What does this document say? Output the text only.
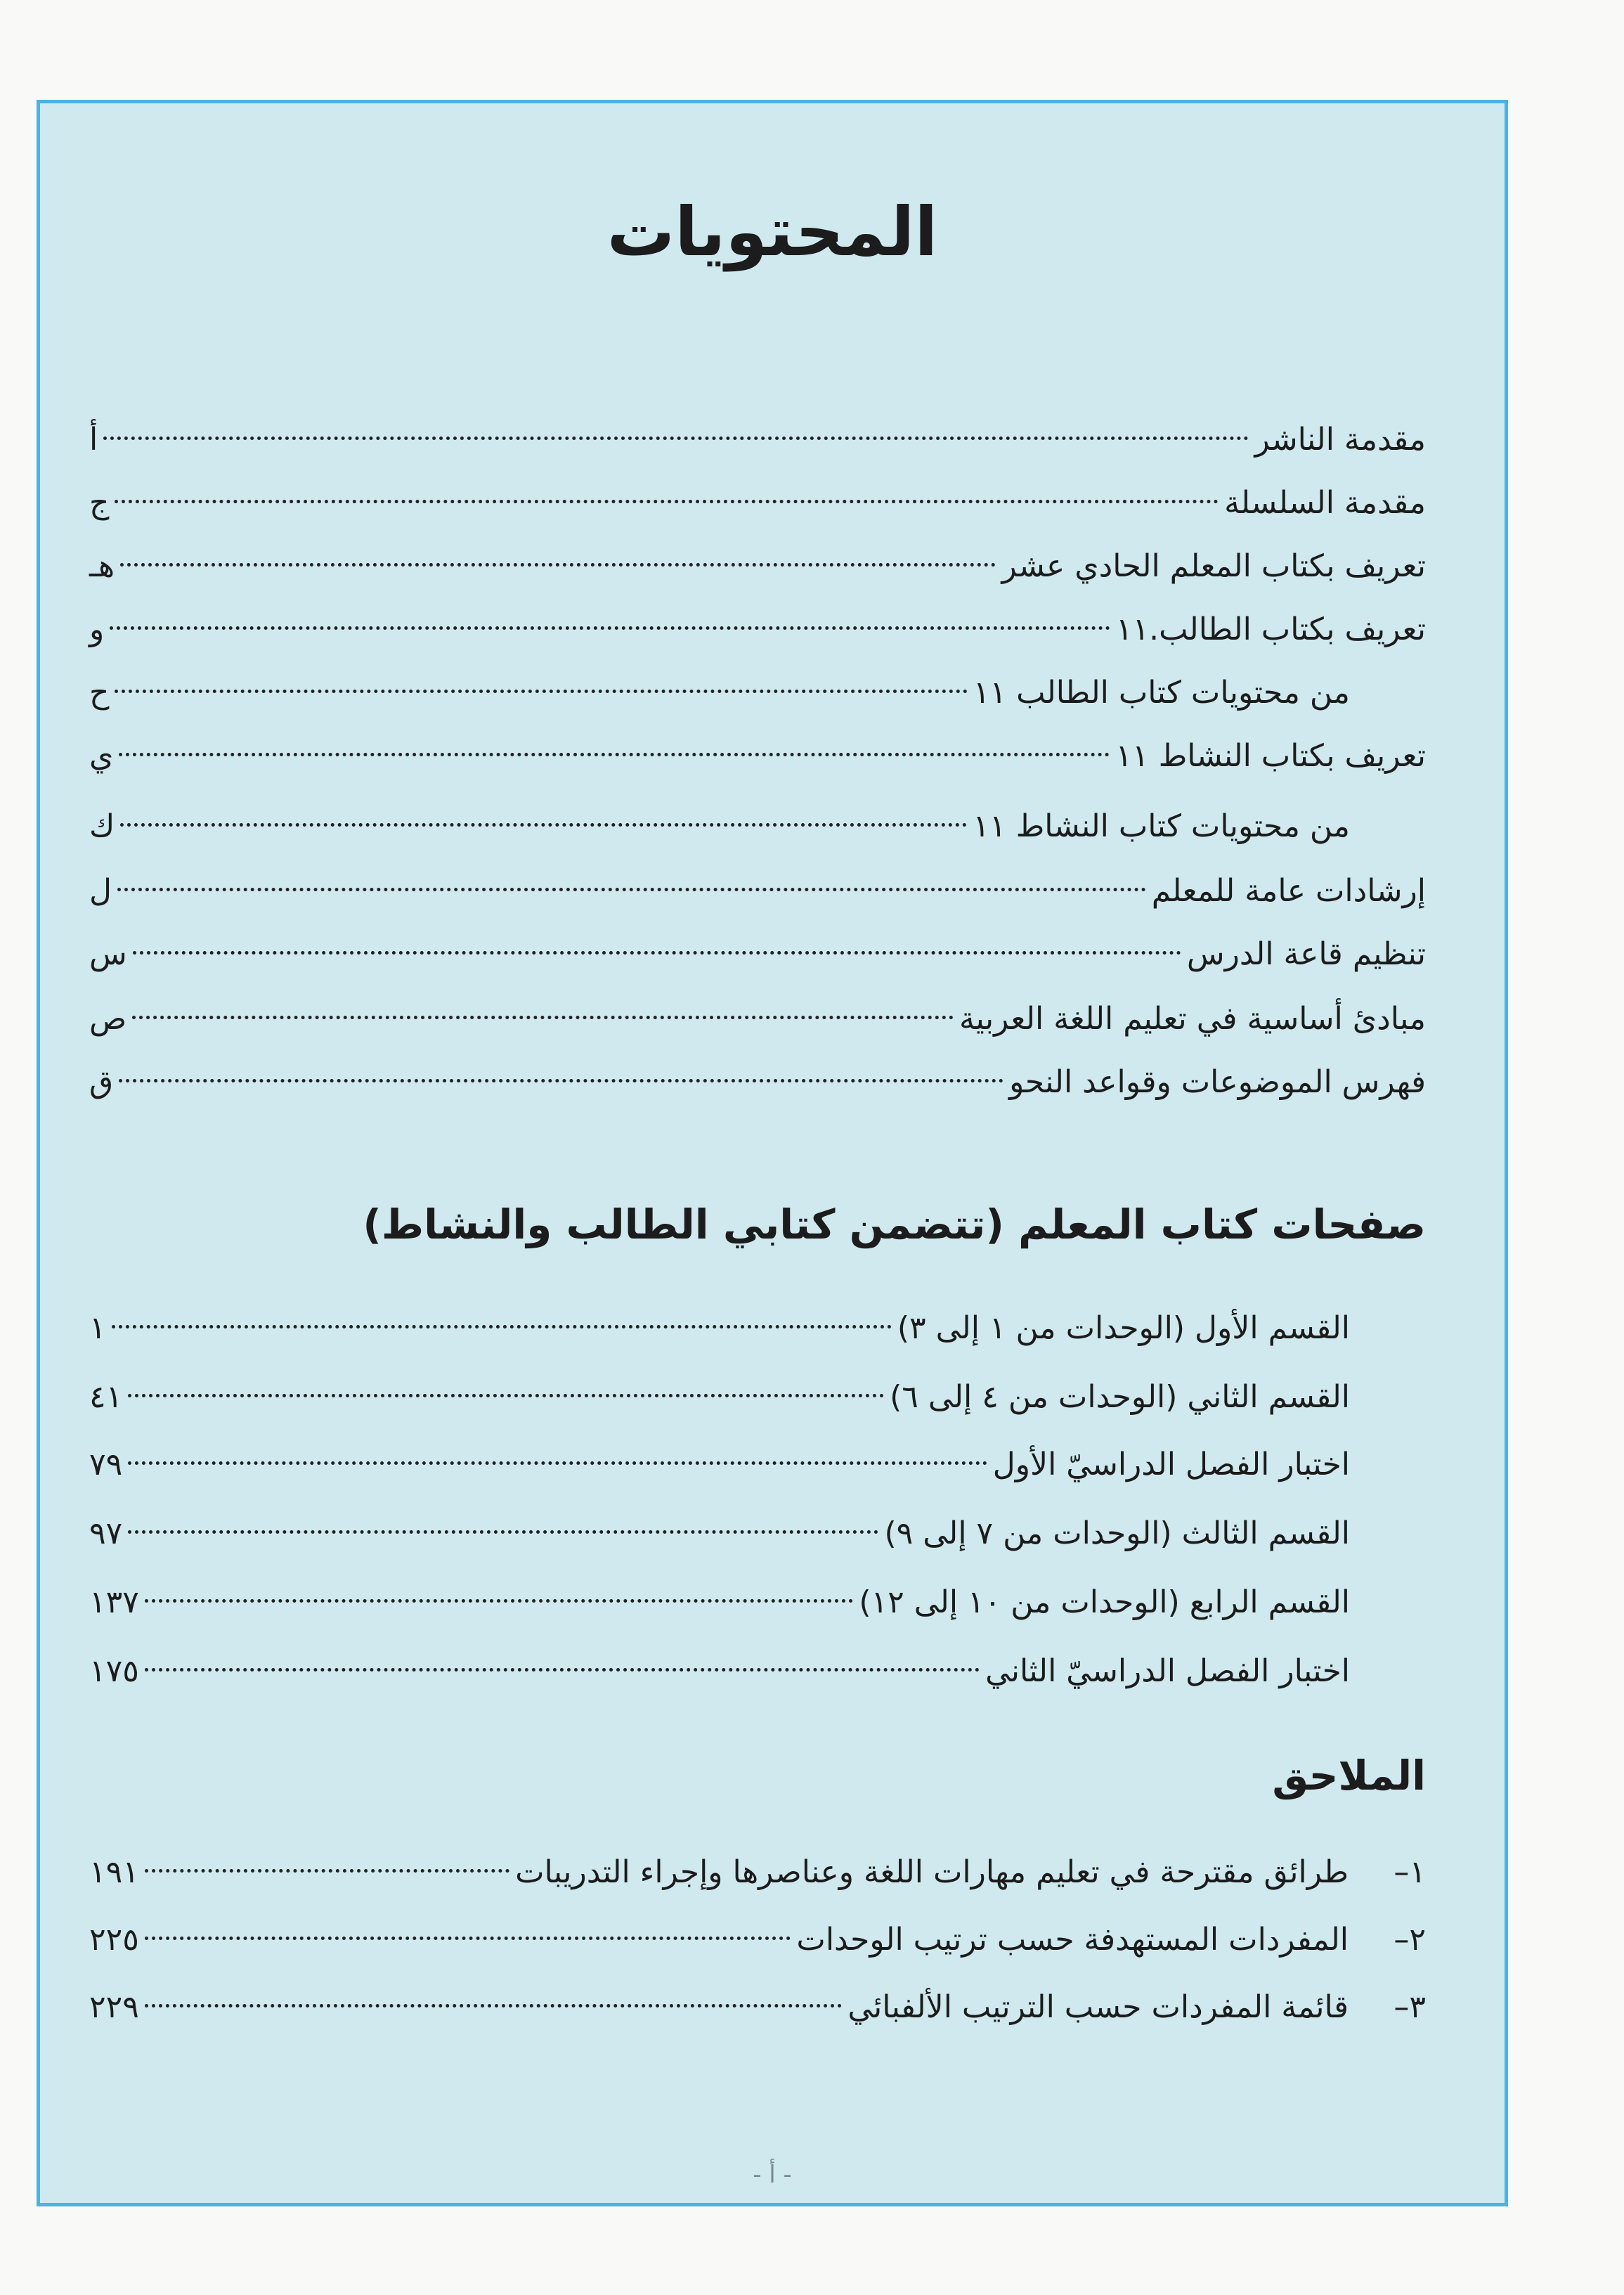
المحتويات
مقدمة الناشر
أ
مقدمة السلسلة
ج
تعريف بكتاب المعلم الحادي عشر
هـ
تعريف بكتاب الطالب.١١
و
من محتويات كتاب الطالب ١١
ح
تعريف بكتاب النشاط ١١
ي
من محتويات كتاب النشاط ١١
ك
إرشادات عامة للمعلم
ل
تنظيم قاعة الدرس
س
مبادئ أساسية في تعليم اللغة العربية
ص
فهرس الموضوعات وقواعد النحو
ق
صفحات كتاب المعلم (تتضمن كتابي الطالب والنشاط)
القسم الأول (الوحدات من ١ إلى ٣)
١
القسم الثاني (الوحدات من ٤ إلى ٦)
٤١
اختبار الفصل الدراسيّ الأول
٧٩
القسم الثالث (الوحدات من ٧ إلى ٩)
٩٧
القسم الرابع (الوحدات من ١٠ إلى ١٢)
١٣٧
اختبار الفصل الدراسيّ الثاني
١٧٥
الملاحق
١–
طرائق مقترحة في تعليم مهارات اللغة وعناصرها وإجراء التدريبات
١٩١
٢–
المفردات المستهدفة حسب ترتيب الوحدات
٢٢٥
٣–
قائمة المفردات حسب الترتيب الألفبائي
٢٢٩
- أ -
